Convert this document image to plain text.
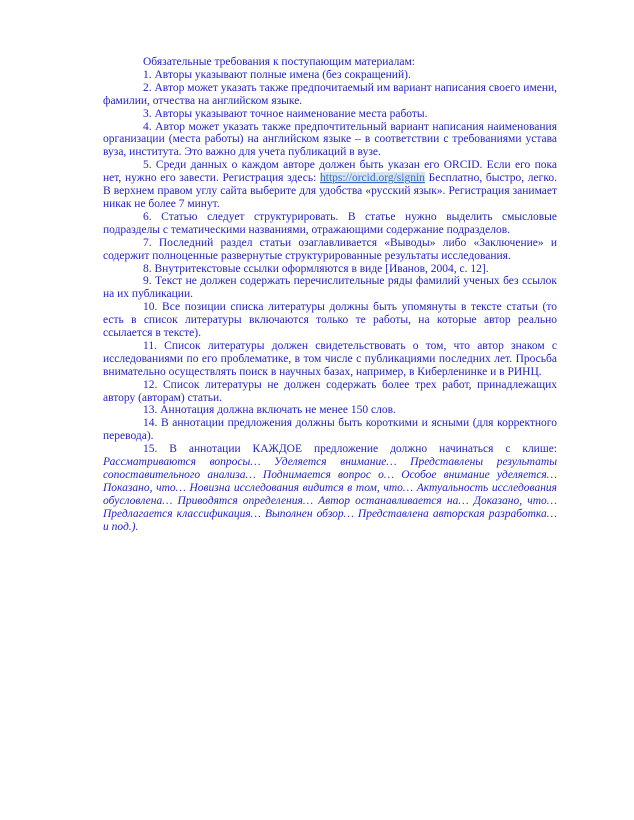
Обязательные требования к поступающим материалам:

1. Авторы указывают полные имена (без сокращений).

2. Автор может указать также предпочитаемый им вариант написания своего имени, фамилии, отчества на английском языке.

3. Авторы указывают точное наименование места работы.

4. Автор может указать также предпочтительный вариант написания наименования организации (места работы) на английском языке – в соответствии с требованиями устава вуза, института. Это важно для учета публикаций в вузе.

5. Среди данных о каждом авторе должен быть указан его ORCID. Если его пока нет, нужно его завести. Регистрация здесь: https://orcid.org/signin Бесплатно, быстро, легко. В верхнем правом углу сайта выберите для удобства «русский язык». Регистрация занимает никак не более 7 минут.

6. Статью следует структурировать. В статье нужно выделить смысловые подразделы с тематическими названиями, отражающими содержание подразделов.

7. Последний раздел статьи озаглавливается «Выводы» либо «Заключение» и содержит полноценные развернутые структурированные результаты исследования.

8. Внутритекстовые ссылки оформляются в виде [Иванов, 2004, с. 12].

9. Текст не должен содержать перечислительные ряды фамилий ученых без ссылок на их публикации.

10. Все позиции списка литературы должны быть упомянуты в тексте статьи (то есть в список литературы включаются только те работы, на которые автор реально ссылается в тексте).

11. Список литературы должен свидетельствовать о том, что автор знаком с исследованиями по его проблематике, в том числе с публикациями последних лет. Просьба внимательно осуществлять поиск в научных базах, например, в Киберленинке и в РИНЦ.

12. Список литературы не должен содержать более трех работ, принадлежащих автору (авторам) статьи.

13. Аннотация должна включать не менее 150 слов.

14. В аннотации предложения должны быть короткими и ясными (для корректного перевода).

15. В аннотации КАЖДОЕ предложение должно начинаться с клише: Рассматриваются вопросы… Уделяется внимание… Представлены результаты сопоставительного анализа… Поднимается вопрос о… Особое внимание уделяется… Показано, что… Новизна исследования видится в том, что… Актуальность исследования обусловлена… Приводятся определения… Автор останавливается на… Доказано, что… Предлагается классификация… Выполнен обзор… Представлена авторская разработка… и под.).
